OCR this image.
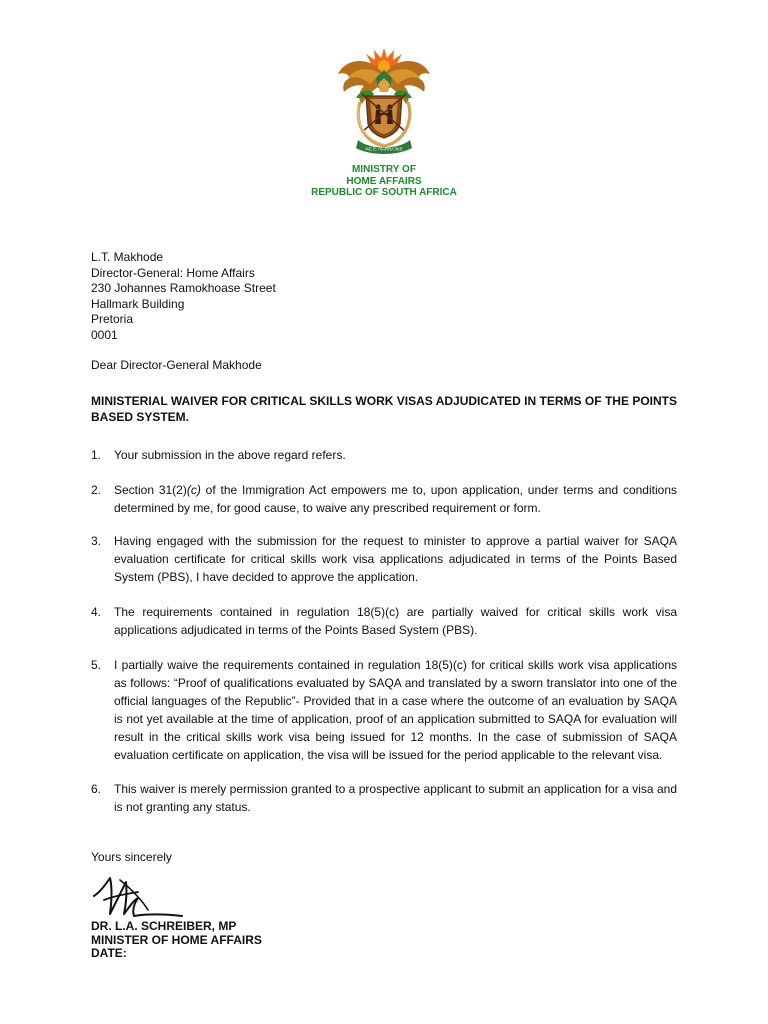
!KE E: /XARRA //KE
MINISTRY OF
HOME AFFAIRS
REPUBLIC OF SOUTH AFRICA
L.T. Makhode
Director-General: Home Affairs
230 Johannes Ramokhoase Street
Hallmark Building
Pretoria
0001
Dear Director-General Makhode
MINISTERIAL WAIVER FOR CRITICAL SKILLS WORK VISAS ADJUDICATED IN TERMS OF THE POINTS BASED SYSTEM.
1. Your submission in the above regard refers.
2. Section 31(2)(c) of the Immigration Act empowers me to, upon application, under terms and conditions determined by me, for good cause, to waive any prescribed requirement or form.
3. Having engaged with the submission for the request to minister to approve a partial waiver for SAQA evaluation certificate for critical skills work visa applications adjudicated in terms of the Points Based System (PBS), I have decided to approve the application.
4. The requirements contained in regulation 18(5)(c) are partially waived for critical skills work visa applications adjudicated in terms of the Points Based System (PBS).
5. I partially waive the requirements contained in regulation 18(5)(c) for critical skills work visa applications as follows: “Proof of qualifications evaluated by SAQA and translated by a sworn translator into one of the official languages of the Republic”- Provided that in a case where the outcome of an evaluation by SAQA is not yet available at the time of application, proof of an application submitted to SAQA for evaluation will result in the critical skills work visa being issued for 12 months. In the case of submission of SAQA evaluation certificate on application, the visa will be issued for the period applicable to the relevant visa.
6. This waiver is merely permission granted to a prospective applicant to submit an application for a visa and is not granting any status.
Yours sincerely
DR. L.A. SCHREIBER, MP
MINISTER OF HOME AFFAIRS
DATE:
